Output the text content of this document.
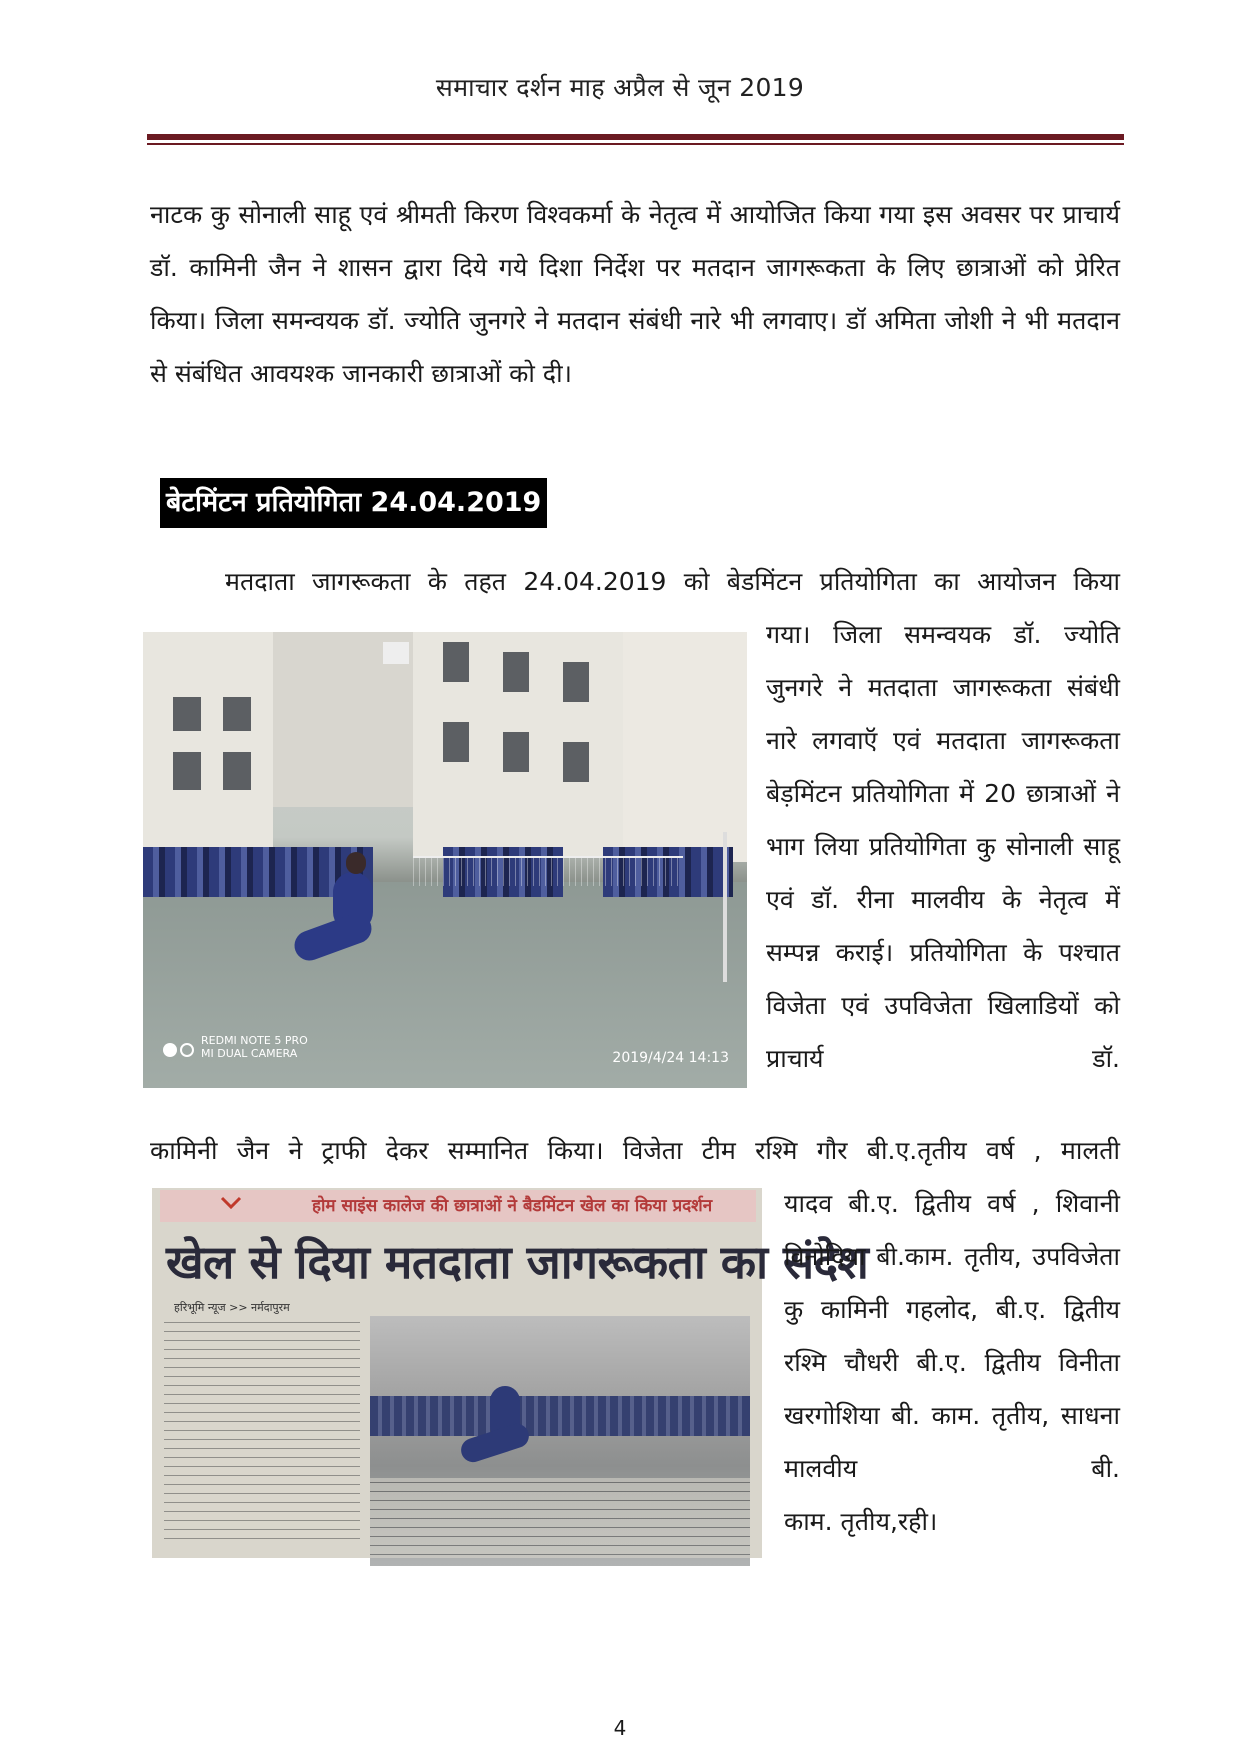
समाचार दर्शन माह अप्रैल से जून 2019
नाटक कु सोनाली साहू एवं श्रीमती किरण विश्वकर्मा के नेतृत्व में आयोजित किया गया इस अवसर पर प्राचार्य डॉ. कामिनी जैन ने शासन द्वारा दिये गये दिशा निर्देश पर मतदान जागरूकता के लिए छात्राओं को प्रेरित किया। जिला समन्वयक डॉ. ज्योति जुनगरे ने मतदान संबंधी नारे भी लगवाए। डॉ अमिता जोशी ने भी मतदान से संबंधित आवयश्क जानकारी छात्राओं को दी।
बेटमिंटन प्रतियोगिता 24.04.2019
मतदाता जागरूकता के तहत 24.04.2019 को बेडमिंटन प्रतियोगिता का आयोजन किया
REDMI NOTE 5 PRO
MI DUAL CAMERA	2019/4/24 14:13
गया। जिला समन्वयक डॉ. ज्योति जुनगरे ने मतदाता जागरूकता संबंधी नारे लगवाऍ एवं मतदाता जागरूकता बेड़मिंटन प्रतियोगिता में 20 छात्राओं ने भाग लिया प्रतियोगिता कु सोनाली साहू एवं डॉ. रीना मालवीय के नेतृत्व में सम्पन्न कराई। प्रतियोगिता के पश्चात विजेता एवं उपविजेता खिलाडियों को प्राचार्य डॉ.
कामिनी जैन ने ट्राफी देकर सम्मानित किया। विजेता टीम रश्मि गौर बी.ए.तृतीय वर्ष , मालती
होम साइंस कालेज की छात्राओं ने बैडमिंटन खेल का किया प्रदर्शन
खेल से दिया मतदाता जागरूकता का संदेश
हरिभूमि न्यूज >> नर्मदापुरम
यादव बी.ए. द्वितीय वर्ष , शिवानी विनोदिया बी.काम. तृतीय, उपविजेता कु कामिनी गहलोद, बी.ए. द्वितीय रश्मि चौधरी बी.ए. द्वितीय विनीता खरगोशिया बी. काम. तृतीय, साधना मालवीय बी.
काम. तृतीय,रही।
4
